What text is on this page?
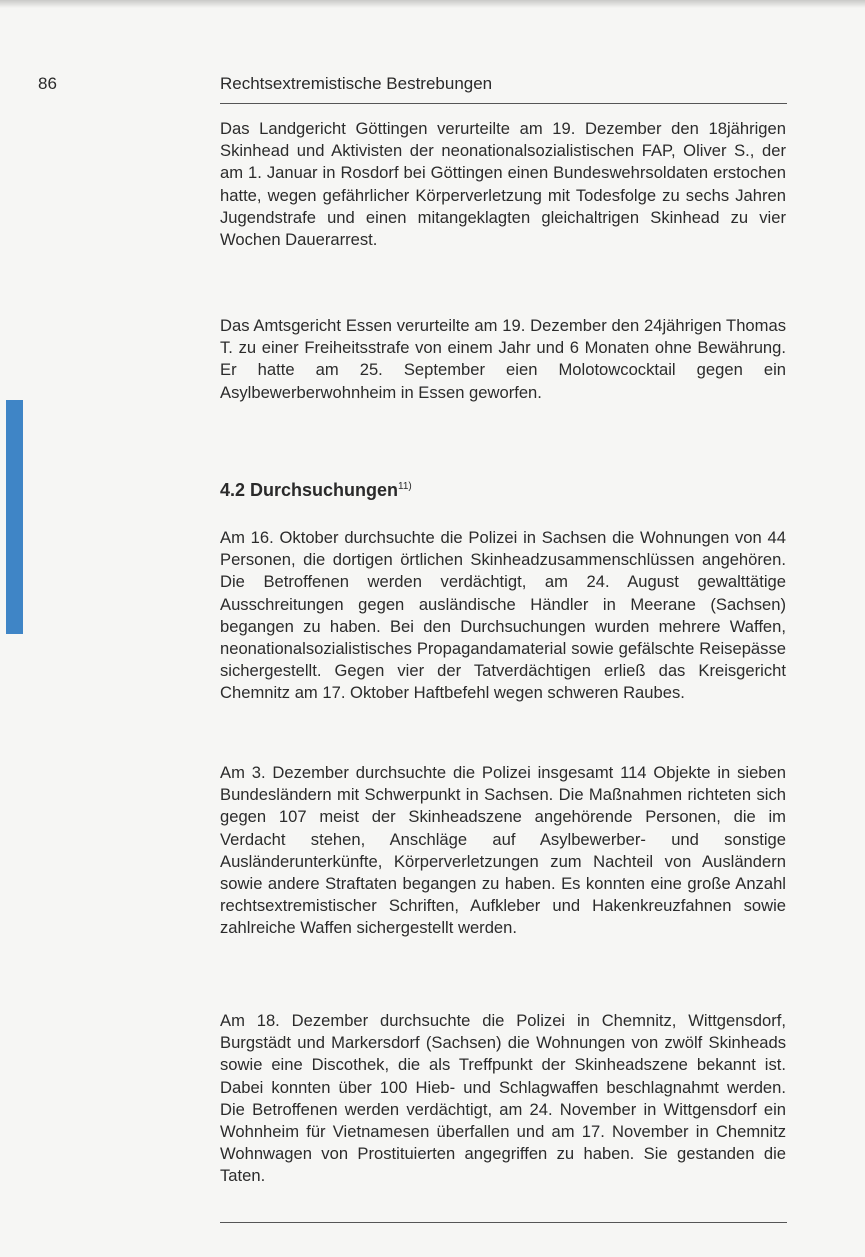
86	Rechtsextremistische Bestrebungen

Das Landgericht Göttingen verurteilte am 19. Dezember den 18jährigen Skinhead und Aktivisten der neonationalsozialistischen FAP, Oliver S., der am 1. Januar in Rosdorf bei Göttingen einen Bundeswehrsoldaten erstochen hatte, wegen gefährlicher Körperverletzung mit Todesfolge zu sechs Jahren Jugendstrafe und einen mitangeklagten gleichaltrigen Skinhead zu vier Wochen Dauerarrest.

Das Amtsgericht Essen verurteilte am 19. Dezember den 24jährigen Thomas T. zu einer Freiheitsstrafe von einem Jahr und 6 Monaten ohne Bewährung. Er hatte am 25. September eien Molotowcocktail gegen ein Asylbewerberwohnheim in Essen geworfen.

4.2 Durchsuchungen$^{11)}$

Am 16. Oktober durchsuchte die Polizei in Sachsen die Wohnungen von 44 Personen, die dortigen örtlichen Skinheadzusammenschlüssen angehören. Die Betroffenen werden verdächtigt, am 24. August gewalttätige Ausschreitungen gegen ausländische Händler in Meerane (Sachsen) begangen zu haben. Bei den Durchsuchungen wurden mehrere Waffen, neonationalsozialistisches Propagandamaterial sowie gefälschte Reisepässe sichergestellt. Gegen vier der Tatverdächtigen erließ das Kreisgericht Chemnitz am 17. Oktober Haftbefehl wegen schweren Raubes.

Am 3. Dezember durchsuchte die Polizei insgesamt 114 Objekte in sieben Bundesländern mit Schwerpunkt in Sachsen. Die Maßnahmen richteten sich gegen 107 meist der Skinheadszene angehörende Personen, die im Verdacht stehen, Anschläge auf Asylbewerber- und sonstige Ausländerunterkünfte, Körperverletzungen zum Nachteil von Ausländern sowie andere Straftaten begangen zu haben. Es konnten eine große Anzahl rechtsextremistischer Schriften, Aufkleber und Hakenkreuzfahnen sowie zahlreiche Waffen sichergestellt werden.

Am 18. Dezember durchsuchte die Polizei in Chemnitz, Wittgensdorf, Burgstädt und Markersdorf (Sachsen) die Wohnungen von zwölf Skinheads sowie eine Discothek, die als Treffpunkt der Skinheadszene bekannt ist. Dabei konnten über 100 Hieb- und Schlagwaffen beschlagnahmt werden. Die Betroffenen werden verdächtigt, am 24. November in Wittgensdorf ein Wohnheim für Vietnamesen überfallen und am 17. November in Chemnitz Wohnwagen von Prostituierten angegriffen zu haben. Sie gestanden die Taten.
